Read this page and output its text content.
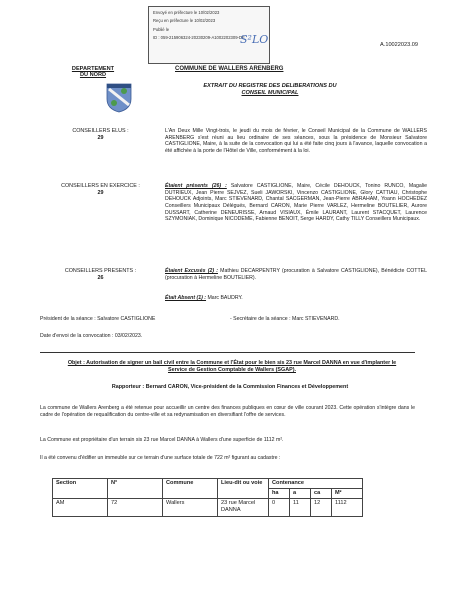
Envoyé en préfecture le 10/02/2023
Reçu en préfecture le 10/02/2023
Publié le
ID : 059-215906324-20230209-A1002202309-DE
S²LO	A.10022023.09
DEPARTEMENT
DU NORD
COMMUNE DE WALLERS ARENBERG
EXTRAIT DU REGISTRE DES DELIBERATIONS DU
CONSEIL MUNICIPAL
CONSEILLERS ELUS :
29
L'An Deux Mille Vingt-trois, le jeudi du mois de février, le Conseil Municipal de la Commune de WALLERS ARENBERG s'est réuni au lieu ordinaire de ses séances, sous la présidence de Monsieur Salvatore CASTIGLIONE, Maire, à la suite de la convocation qui lui a été faite cinq jours à l'avance, laquelle convocation a été affichée à la porte de l'Hôtel de Ville, conformément à la loi.
CONSEILLERS EN EXERCICE :
29
Étaient présents (26) : Salvatore CASTIGLIONE, Maire, Cécile DEHOUCK, Tonino RUNCO, Magalie DUTRIEUX, Jean Pierre SEJVEZ, Sueli JAWORSKI, Vincenzo CASTIGLIONE, Glory CATTIAU, Christophe DEHOUCK Adjoints, Marc STIEVENARD, Chantal SACGERMAN, Jean-Pierre ABRAHAM, Yoann HOCHEDEZ Conseillers Municipaux Délégués, Bernard CARON, Marie Pierre VARLEZ, Hermeline BOUTELIER, Aurore DUSSART, Catherine DENEURISSE, Arnaud VISIAUX, Émile LAURANT, Laurent STACQUET, Laurence SZYMONIAK, Dominique NICODEME, Fabienne BENOIT, Serge HARDY, Cathy TILLY Conseillers Municipaux.
CONSEILLERS PRESENTS :
26
Étaient Excusés (2) : Mathieu DECARPENTRY (procuration à Salvatore CASTIGLIONE), Bénédicte COTTEL (procuration à Hermeline BOUTELIER).
Était Absent (1) : Marc BAUDRY.
Président de la séance : Salvatore CASTIGLIONE	- Secrétaire de la séance : Marc STIEVENARD.
Date d'envoi de la convocation : 03/02/2023.
Objet : Autorisation de signer un bail civil entre la Commune et l'État pour le bien sis 23 rue Marcel DANNA en vue d'implanter le Service de Gestion Comptable de Wallers (SGAP).
Rapporteur : Bernard CARON, Vice-président de la Commission Finances et Développement
La commune de Wallers Arenberg a été retenue pour accueillir un centre des finances publiques en cœur de ville courant 2023. Cette opération s'intègre dans le cadre de l'opération de requalification du centre-ville et sa redynamisation en diversifiant l'offre de services.
La Commune est propriétaire d'un terrain sis 23 rue Marcel DANNA à Wallers d'une superficie de 1112 m².
Il a été convenu d'édifier un immeuble sur ce terrain d'une surface totale de 722 m² figurant au cadastre :
Section	N°	Commune	Lieu-dit ou voie	Contenance			
				ha	a	ca	M²
AM	72	Wallers	23 rue Marcel DANNA	0	11	12	1112
